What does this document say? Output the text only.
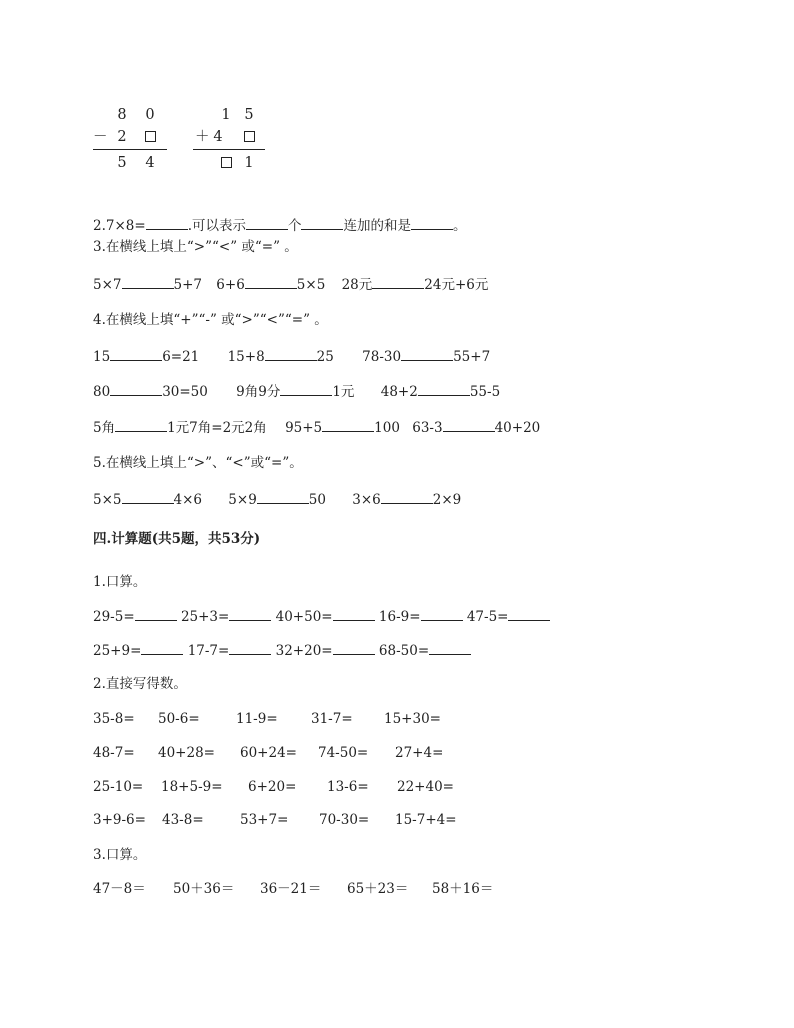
8 0
－ 2
5 4
1 5
＋ 4
1
2.7×8=	.可以表示	个	连加的和是	。
3.在横线上填上“>”“<” 或“=” 。
5×7	5+7 6+6	5×5 28元	24元+6元
4.在横线上填“+”“-” 或“>”“<”“=” 。
15	6=21 15+8	25 78-30	55+7
80	30=50 9角9分	1元 48+2	55-5
5角	1元7角=2元2角 95+5	100 63-3	40+20
5.在横线上填上“>”、“<”或“=”。
5×5	4×6 5×9	50 3×6	2×9
四.计算题(共5题，共53分)
1.口算。
29-5=	25+3=	40+50=	16-9=	47-5=
25+9=	17-7=	32+20=	68-50=
2.直接写得数。
35-8= 50-6=	11-9= 31-7= 15+30=
48-7= 40+28= 60+24= 74-50= 27+4=
25-10= 18+5-9= 6+20= 13-6= 22+40=
3+9-6= 43-8=	53+7= 70-30= 15-7+4=
3.口算。
47－8＝ 50＋36＝ 36－21＝ 65＋23＝ 58＋16＝
